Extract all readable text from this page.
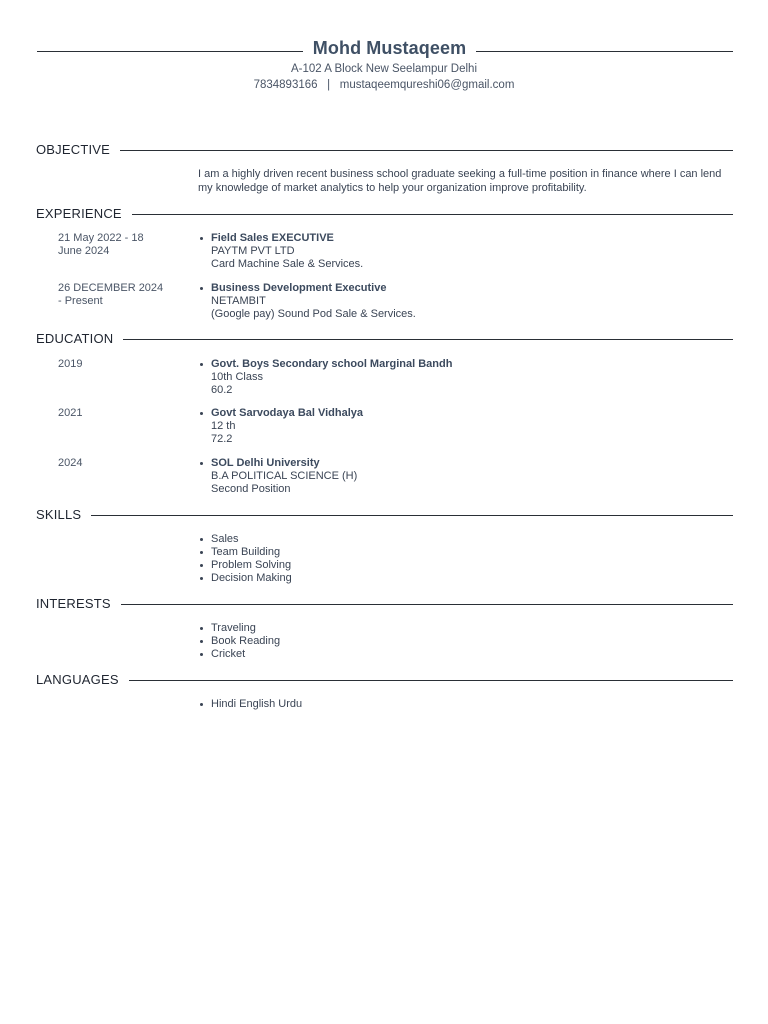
Mohd Mustaqeem
A-102 A Block New Seelampur Delhi
7834893166 | mustaqeemqureshi06@gmail.com
OBJECTIVE
I am a highly driven recent business school graduate seeking a full-time position in finance where I can lend my knowledge of market analytics to help your organization improve profitability.
EXPERIENCE
21 May 2022 - 18 June 2024
Field Sales EXECUTIVE
PAYTM PVT LTD
Card Machine Sale & Services.
26 DECEMBER 2024 - Present
Business Development Executive
NETAMBIT
(Google pay) Sound Pod Sale & Services.
EDUCATION
2019	Govt. Boys Secondary school Marginal Bandh
10th Class
60.2
2021	Govt Sarvodaya Bal Vidhalya
12 th
72.2
2024	SOL Delhi University
B.A POLITICAL SCIENCE (H)
Second Position
SKILLS
Sales
Team Building
Problem Solving
Decision Making
INTERESTS
Traveling
Book Reading
Cricket
LANGUAGES
Hindi English Urdu
